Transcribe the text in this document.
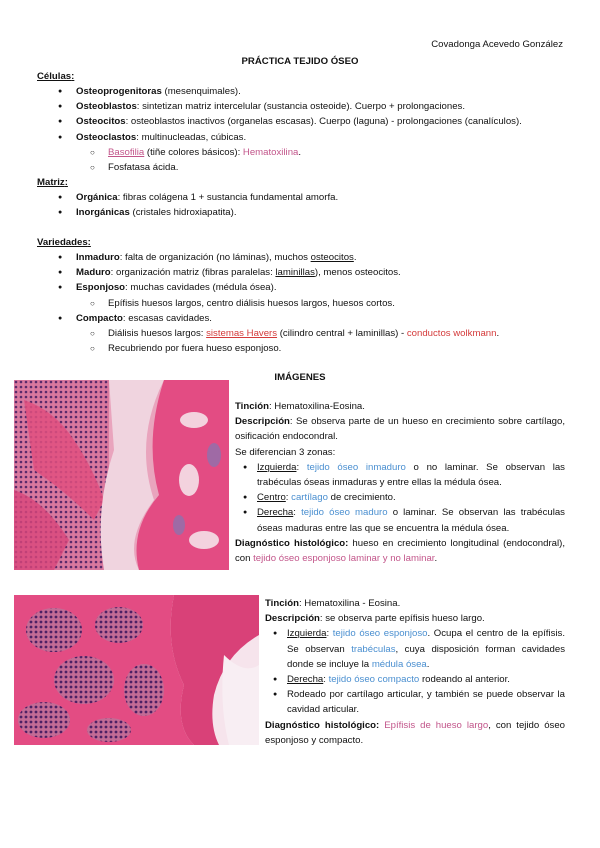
Covadonga Acevedo González
PRÁCTICA TEJIDO ÓSEO
Células:
● Osteoprogenitoras (mesenquimales).
● Osteoblastos: sintetizan matriz intercelular (sustancia osteoide). Cuerpo + prolongaciones.
● Osteocitos: osteoblastos inactivos (organelas escasas). Cuerpo (laguna) - prolongaciones (canalículos).
● Osteoclastos: multinucleadas, cúbicas.
○ Basofilia (tiñe colores básicos): Hematoxilina.
○ Fosfatasa ácida.
Matriz:
● Orgánica: fibras colágena 1 + sustancia fundamental amorfa.
● Inorgánicas (cristales hidroxiapatita).
Variedades:
● Inmaduro: falta de organización (no láminas), muchos osteocitos.
● Maduro: organización matriz (fibras paralelas: laminillas), menos osteocitos.
● Esponjoso: muchas cavidades (médula ósea).
○ Epífisis huesos largos, centro diálisis huesos largos, huesos cortos.
● Compacto: escasas cavidades.
○ Diálisis huesos largos: sistemas Havers (cilindro central + laminillas) - conductos wolkmann.
○ Recubriendo por fuera hueso esponjoso.
IMÁGENES

Tinción: Hematoxilina-Eosina.

Descripción: Se observa parte de un hueso en crecimiento sobre cartílago, osificación endocondral.

Se diferencian 3 zonas:

● Izquierda: tejido óseo inmaduro o no laminar. Se observan las trabéculas óseas inmaduras y entre ellas la médula ósea.

● Centro: cartílago de crecimiento.

● Derecha: tejido óseo maduro o laminar. Se observan las trabéculas óseas maduras entre las que se encuentra la médula ósea.

Diagnóstico histológico: hueso en crecimiento longitudinal (endocondral), con tejido óseo esponjoso laminar y no laminar.

Tinción: Hematoxilina - Eosina.

Descripción: se observa parte epífisis hueso largo.

● Izquierda: tejido óseo esponjoso. Ocupa el centro de la epífisis. Se observan trabéculas, cuya disposición forman cavidades donde se incluye la médula ósea.

● Derecha: tejido óseo compacto rodeando al anterior.

● Rodeado por cartílago articular, y también se puede observar la cavidad articular.

Diagnóstico histológico: Epífisis de hueso largo, con tejido óseo esponjoso y compacto.
